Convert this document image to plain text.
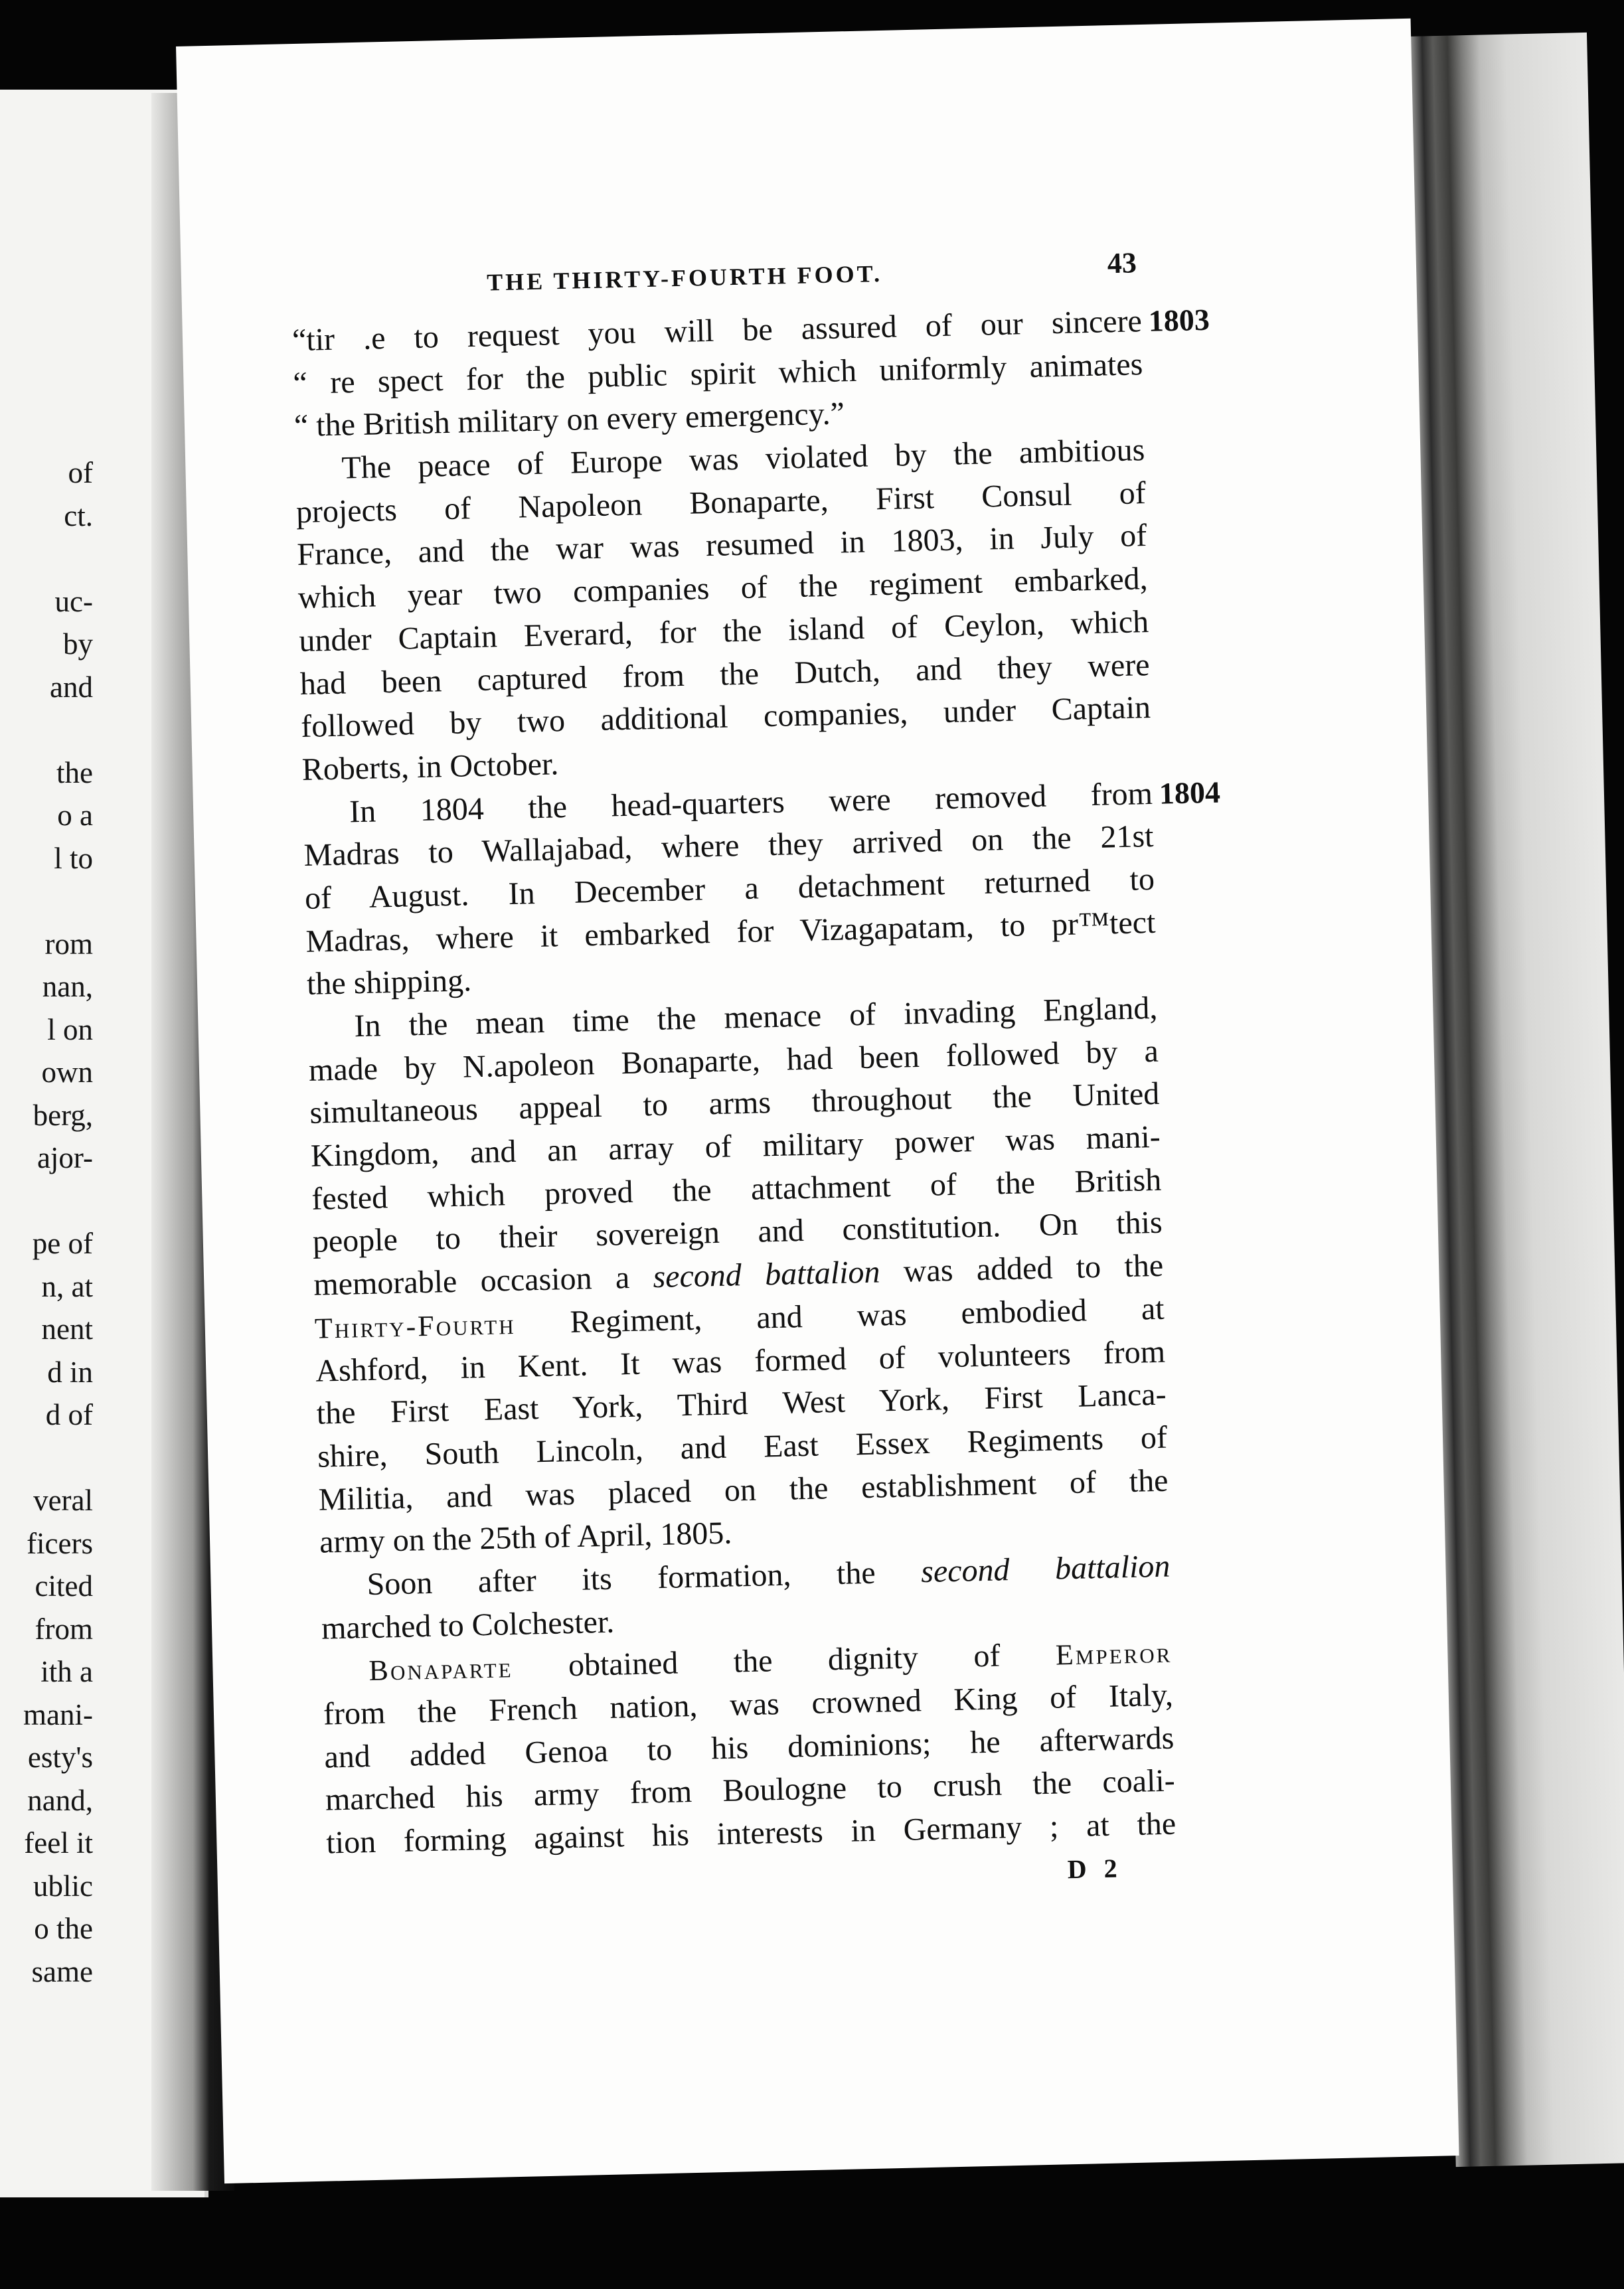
of
ct.
uc-
by
and
the
o a
l to
rom
nan,
l on
own
berg,
ajor-
pe of
n, at
nent
d in
d of
veral
ficers
cited
from
ith a
mani-
esty's
nand,
feel it
ublic
o the
same
THE THIRTY-FOURTH FOOT.	43
“tir .e to request you will be assured of our sincere 1803
“ re spect for the public spirit which uniformly animates
“ the British military on every emergency.”
The peace of Europe was violated by the ambitious
projects of Napoleon Bonaparte, First Consul of
France, and the war was resumed in 1803, in July of
which year two companies of the regiment embarked,
under Captain Everard, for the island of Ceylon, which
had been captured from the Dutch, and they were
followed by two additional companies, under Captain
Roberts, in October.
In 1804 the head-quarters were removed from 1804
Madras to Wallajabad, where they arrived on the 21st
of August. In December a detachment returned to
Madras, where it embarked for Vizagapatam, to pr™tect
the shipping.
In the mean time the menace of invading England,
made by N.apoleon Bonaparte, had been followed by a
simultaneous appeal to arms throughout the United
Kingdom, and an array of military power was mani-
fested which proved the attachment of the British
people to their sovereign and constitution. On this
memorable occasion a second battalion was added to the
Thirty-Fourth Regiment, and was embodied at
Ashford, in Kent. It was formed of volunteers from
the First East York, Third West York, First Lanca-
shire, South Lincoln, and East Essex Regiments of
Militia, and was placed on the establishment of the
army on the 25th of April, 1805.
Soon after its formation, the second battalion
marched to Colchester.
Bonaparte obtained the dignity of Emperor
from the French nation, was crowned King of Italy,
and added Genoa to his dominions; he afterwards
marched his army from Boulogne to crush the coali-
tion forming against his interests in Germany ; at the
D 2
